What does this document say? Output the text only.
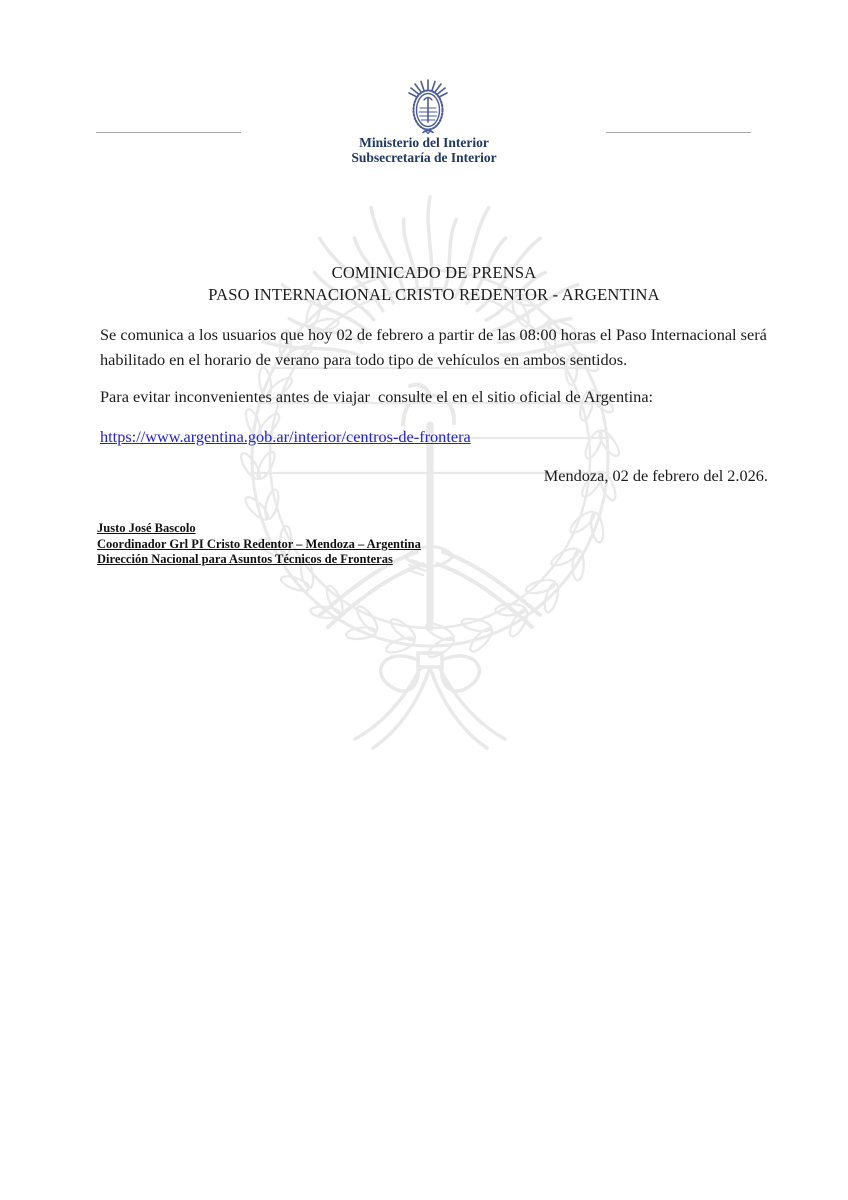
Ministerio del Interior
Subsecretaría de Interior
COMINICADO DE PRENSA
PASO INTERNACIONAL CRISTO REDENTOR - ARGENTINA
Se comunica a los usuarios que hoy 02 de febrero a partir de las 08:00 horas el Paso Internacional será habilitado en el horario de verano para todo tipo de vehículos en ambos sentidos.
Para evitar inconvenientes antes de viajar  consulte el en el sitio oficial de Argentina:
https://www.argentina.gob.ar/interior/centros-de-frontera
Mendoza, 02 de febrero del 2.026.
Justo José Bascolo
Coordinador Grl PI Cristo Redentor – Mendoza – Argentina
Dirección Nacional para Asuntos Técnicos de Fronteras
